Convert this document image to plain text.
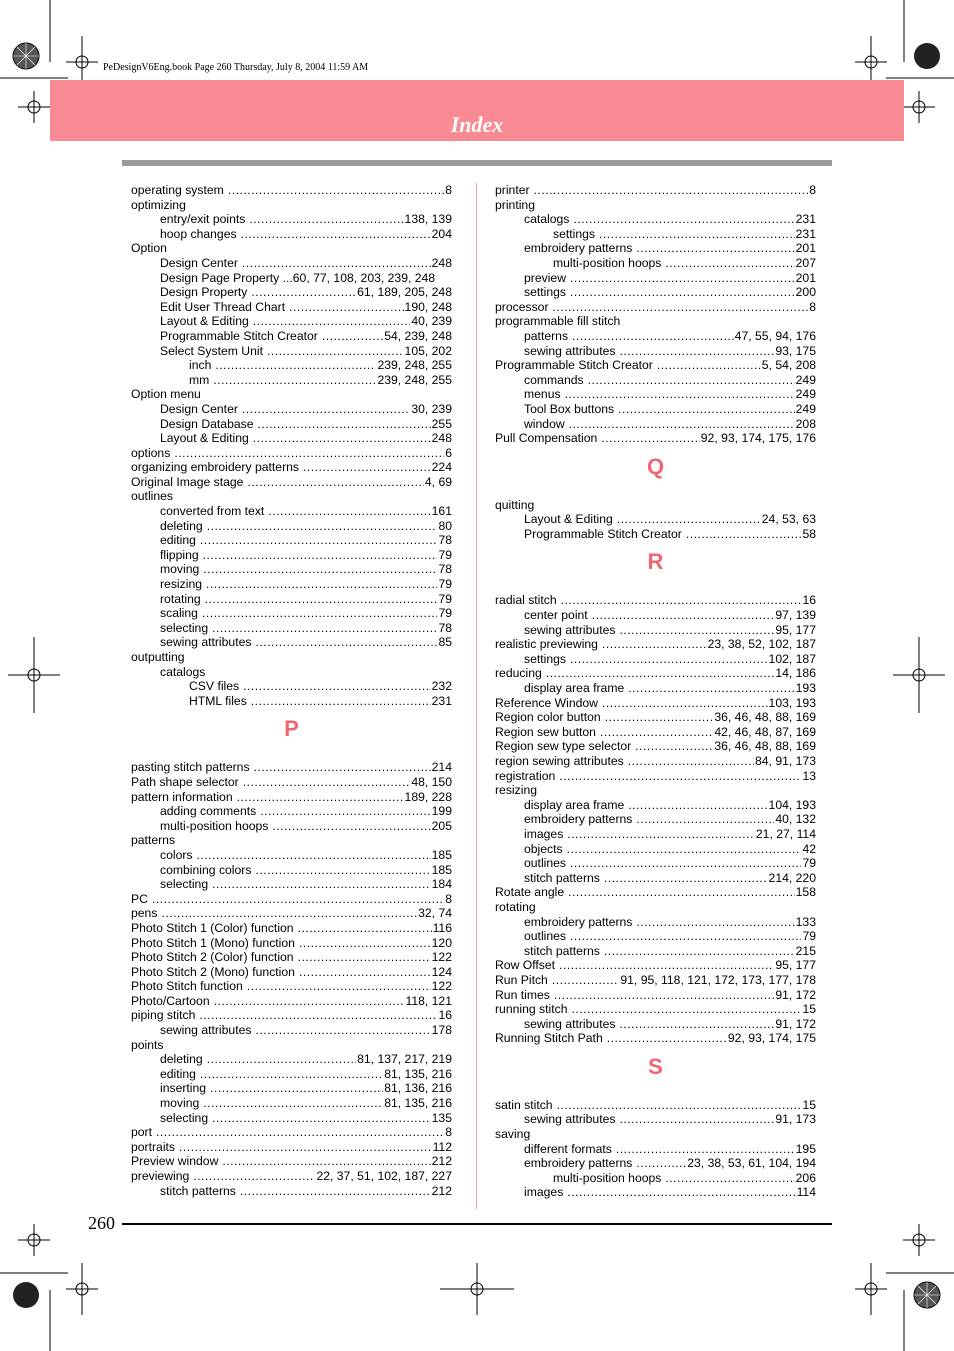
PeDesignV6Eng.book Page 260 Thursday, July 8, 2004 11:59 AM
Index
operating system .....	8
optimizing
entry/exit points .....	138, 139
hoop changes .....	204
Option
Design Center .....	248
Design Page Property ...60, 77, 108, 203, 239, 248
Design Property .....	61, 189, 205, 248
Edit User Thread Chart .....	190, 248
Layout & Editing .....	40, 239
Programmable Stitch Creator .....	54, 239, 248
Select System Unit .....	105, 202
inch .....	239, 248, 255
mm .....	239, 248, 255
Option menu
Design Center .....	30, 239
Design Database .....	255
Layout & Editing .....	248
options .....	6
organizing embroidery patterns .....	224
Original Image stage .....	4, 69
outlines
converted from text .....	161
deleting .....	80
editing .....	78
flipping .....	79
moving .....	78
resizing .....	79
rotating .....	79
scaling .....	79
selecting .....	78
sewing attributes .....	85
outputting
catalogs
CSV files .....	232
HTML files .....	231
P
pasting stitch patterns .....	214
Path shape selector .....	48, 150
pattern information .....	189, 228
adding comments .....	199
multi-position hoops .....	205
patterns
colors .....	185
combining colors .....	185
selecting .....	184
PC .....	8
pens .....	32, 74
Photo Stitch 1 (Color) function .....	116
Photo Stitch 1 (Mono) function .....	120
Photo Stitch 2 (Color) function .....	122
Photo Stitch 2 (Mono) function .....	124
Photo Stitch function .....	122
Photo/Cartoon .....	118, 121
piping stitch .....	16
sewing attributes .....	178
points
deleting .....	81, 137, 217, 219
editing .....	81, 135, 216
inserting .....	81, 136, 216
moving .....	81, 135, 216
selecting .....	135
port .....	8
portraits .....	112
Preview window .....	212
previewing .....	22, 37, 51, 102, 187, 227
stitch patterns .....	212
printer .....	8
printing
catalogs .....	231
settings .....	231
embroidery patterns .....	201
multi-position hoops .....	207
preview .....	201
settings .....	200
processor .....	8
programmable fill stitch
patterns .....	47, 55, 94, 176
sewing attributes .....	93, 175
Programmable Stitch Creator .....	5, 54, 208
commands .....	249
menus .....	249
Tool Box buttons .....	249
window .....	208
Pull Compensation .....	92, 93, 174, 175, 176
Q
quitting
Layout & Editing .....	24, 53, 63
Programmable Stitch Creator .....	58
R
radial stitch .....	16
center point .....	97, 139
sewing attributes .....	95, 177
realistic previewing .....	23, 38, 52, 102, 187
settings .....	102, 187
reducing .....	14, 186
display area frame .....	193
Reference Window .....	103, 193
Region color button .....	36, 46, 48, 88, 169
Region sew button .....	42, 46, 48, 87, 169
Region sew type selector .....	36, 46, 48, 88, 169
region sewing attributes .....	84, 91, 173
registration .....	13
resizing
display area frame .....	104, 193
embroidery patterns .....	40, 132
images .....	21, 27, 114
objects .....	42
outlines .....	79
stitch patterns .....	214, 220
Rotate angle .....	158
rotating
embroidery patterns .....	133
outlines .....	79
stitch patterns .....	215
Row Offset .....	95, 177
Run Pitch .....	91, 95, 118, 121, 172, 173, 177, 178
Run times .....	91, 172
running stitch .....	15
sewing attributes .....	91, 172
Running Stitch Path .....	92, 93, 174, 175
S
satin stitch .....	15
sewing attributes .....	91, 173
saving
different formats .....	195
embroidery patterns .....	23, 38, 53, 61, 104, 194
multi-position hoops .....	206
images .....	114
260
